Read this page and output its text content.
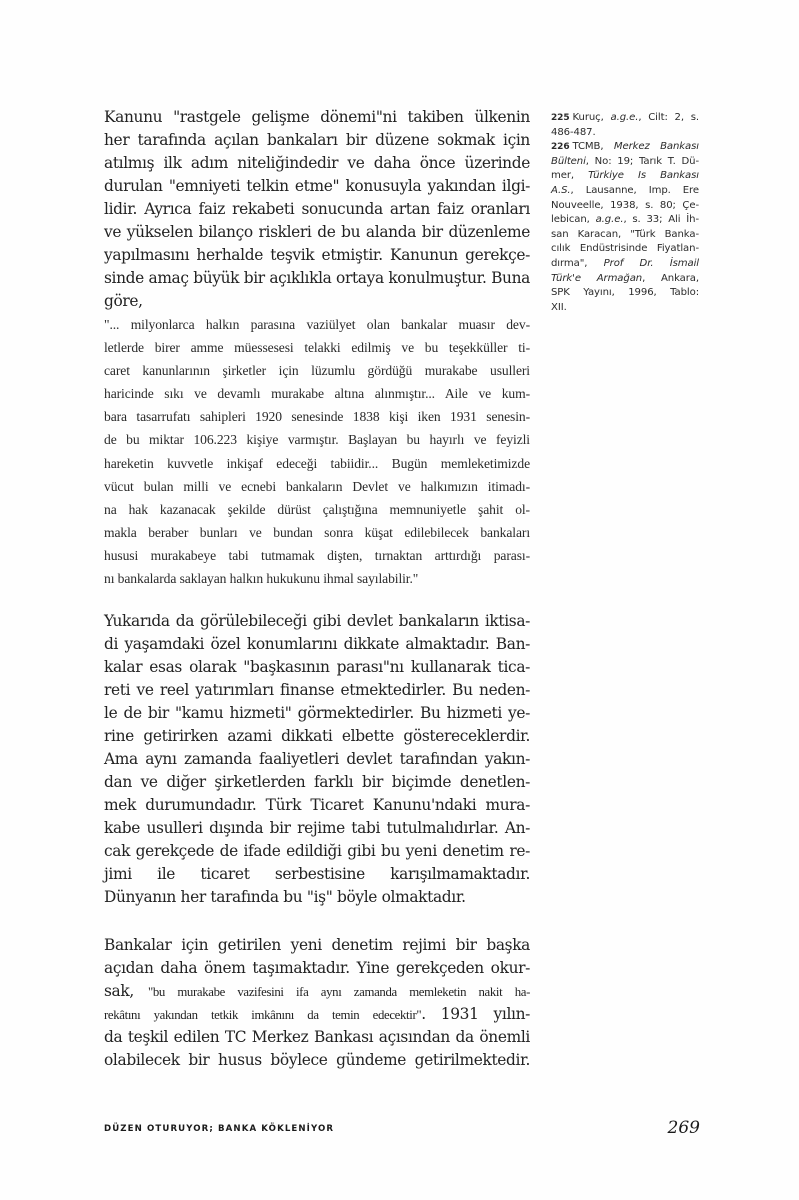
Kanunu "rastgele gelişme dönemi"ni takiben ülkenin
her tarafında açılan bankaları bir düzene sokmak için
atılmış ilk adım niteliğindedir ve daha önce üzerinde
durulan "emniyeti telkin etme" konusuyla yakından ilgi-
lidir. Ayrıca faiz rekabeti sonucunda artan faiz oranları
ve yükselen bilanço riskleri de bu alanda bir düzenleme
yapılmasını herhalde teşvik etmiştir. Kanunun gerekçe-
sinde amaç büyük bir açıklıkla ortaya konulmuştur. Buna
göre,
"... milyonlarca halkın parasına vaziülyet olan bankalar muasır dev-
letlerde birer amme müessesesi telakki edilmiş ve bu teşekküller ti-
caret kanunlarının şirketler için lüzumlu gördüğü murakabe usulleri
haricinde sıkı ve devamlı murakabe altına alınmıştır... Aile ve kum-
bara tasarrufatı sahipleri 1920 senesinde 1838 kişi iken 1931 senesin-
de bu miktar 106.223 kişiye varmıştır. Başlayan bu hayırlı ve feyizli
hareketin kuvvetle inkişaf edeceği tabiidir... Bugün memleketimizde
vücut bulan milli ve ecnebi bankaların Devlet ve halkımızın itimadı-
na hak kazanacak şekilde dürüst çalıştığına memnuniyetle şahit ol-
makla beraber bunları ve bundan sonra küşat edilebilecek bankaları
hususi murakabeye tabi tutmamak dişten, tırnaktan arttırdığı parası-
nı bankalarda saklayan halkın hukukunu ihmal sayılabilir."
Yukarıda da görülebileceği gibi devlet bankaların iktisa-
di yaşamdaki özel konumlarını dikkate almaktadır. Ban-
kalar esas olarak "başkasının parası"nı kullanarak tica-
reti ve reel yatırımları finanse etmektedirler. Bu neden-
le de bir "kamu hizmeti" görmektedirler. Bu hizmeti ye-
rine getirirken azami dikkati elbette göstereceklerdir.
Ama aynı zamanda faaliyetleri devlet tarafından yakın-
dan ve diğer şirketlerden farklı bir biçimde denetlen-
mek durumundadır. Türk Ticaret Kanunu'ndaki mura-
kabe usulleri dışında bir rejime tabi tutulmalıdırlar. An-
cak gerekçede de ifade edildiği gibi bu yeni denetim re-
jimi ile ticaret serbestisine karışılmamaktadır.
Dünyanın her tarafında bu "iş" böyle olmaktadır.
Bankalar için getirilen yeni denetim rejimi bir başka
açıdan daha önem taşımaktadır. Yine gerekçeden okur-
sak, "bu murakabe vazifesini ifa aynı zamanda memleketin nakit ha-
rekâtını yakından tetkik imkânını da temin edecektir". 1931 yılın-
da teşkil edilen TC Merkez Bankası açısından da önemli
olabilecek bir husus böylece gündeme getirilmektedir.
225 Kuruç, a.g.e., Cilt: 2, s.
486-487.
226 TCMB, Merkez Bankası
Bülteni, No: 19; Tarık T. Dü-
mer, Türkiye Is Bankası
A.S., Lausanne, Imp. Ere
Nouveelle, 1938, s. 80; Çe-
lebican, a.g.e., s. 33; Ali İh-
san Karacan, "Türk Banka-
cılık Endüstrisinde Fiyatlan-
dırma", Prof Dr. İsmail
Türk'e Armağan, Ankara,
SPK Yayını, 1996, Tablo:
XII.
DÜZEN OTURUYOR; BANKA KÖKLENİYOR	269
